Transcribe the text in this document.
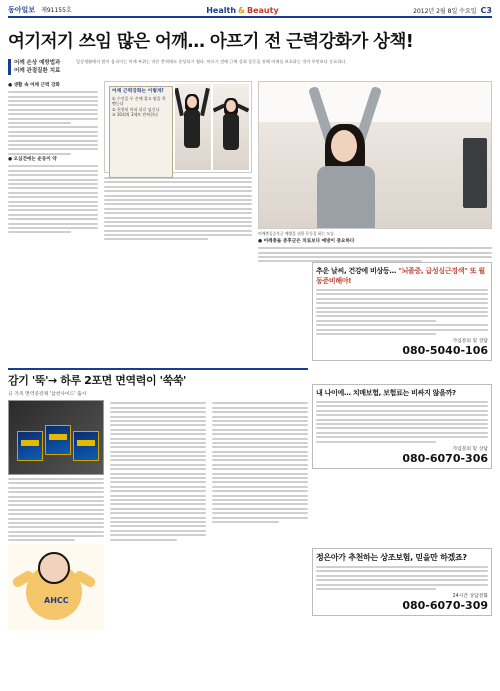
동아일보 제91155호	Health & Beauty	2012년 2월 8일 수요일 C3
여기저기 쓰임 많은 어깨… 아프기 전 근력강화가 상책!
어깨 손상 예방법과
어깨 관절질환 치료
일상생활에서 많이 움직이는 어깨 부위는 작은 충격에도 손상되기 쉽다. 아프기 전에 근력 강화 운동을 통해 어깨를 보호하는 것이 무엇보다 중요하다.
● 생활 속 어깨 근력 강화
● 오십견에는 운동이 약
어깨 근력강화는 이렇게!
① 수건을 두 손에 잡고 팔을 쭉 뻗는다
② 천천히 머리 뒤로 넘긴다
③ 10회씩 3세트 반복한다
어깨충돌증후군 예방을 위한 운동을 하는 모습.
● 어깨충돌 증후군은 치료보다 예방이 중요하다
추운 날씨, 건강에 비상등… "뇌졸중, 급성심근경색" 또 월동준비해야!
가입문의 및 상담
080-5040-106
내 나이에… 치매보험, 보험료는 비싸지 않을까?
가입문의 및 상담
080-6070-306
정은아가 추천하는 상조보험, 믿을만 하겠죠?
24시간 상담전화
080-6070-309
감기 '뚝'→ 하루 2포면 면역력이 '쑥쑥'
日 가족 면역증강제 '삼천사이드' 출시
AHCC
